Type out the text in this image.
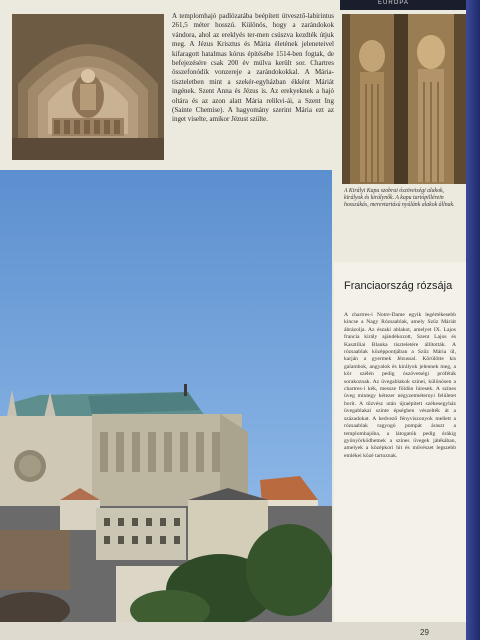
EURÓPA

A templomhajó padlózatába beépített útvesztő-labirintus 261,5 méter hosszú. Különös, hogy a zarándokok vándora, ahol az ereklyés ter-men csúszva kezdték útjuk meg. A Jézus Krisztus és Mária életének jeleneteivel kifaragott hatalmas kórus építésébe 1514-ben fogtak, de befejezésére csak 200 év múlva került sor. Chartres összefonódik vonzereje a zarándokokkal. A Mária-tiszteletben mint a szekér-egyházban ékként Máriát ingének. Szent Anna és Jézus is. Az erekyeknek a hajó oltára és az azon alatt Mária relikvi-ái, a Szent Ing (Sainte Chemise). A hagyomány szerint Mária ezt az inget viselte, amikor Jézust szülte.

A Királyi Kapu szobrai ószövetségi alakok, királyok és királynők. A kapu tartópillérein hosszúkás, merevtartású nyúlánk alakok állnak.
Franciaország rózsája

A chartres-i Notre-Dame egyik legértékesebb kincse a Nagy Rózsaablak, amely Szűz Máriát ábrázolja. Az északi ablakot, amelyet IX. Lajos francia király ajándékozott, Szent Lajos és Kasztíliai Blanka tiszteletére állították. A rózsaablak középpontjában a Szűz Mária ül, karján a gyermek Jézussal. Körülötte kis galambok, angyalok és királyok jelennek meg, a kör szélén pedig ószövetségi próféták sorakoznak. Az üvegablakok színei, különösen a chartres-i kék, messze földön híresek. A színes üveg mintegy kétezer négyzetméternyi felületet borít. A tűzvész után újraépített székesegyház üvegablakai szinte épségben vészelték át a századokat. A kedvező fényviszonyok mellett a rózsaablak ragyogó pompát áraszt a templomhajóba, a látogatók pedig órákig gyönyörködhetnek a színes üvegek játékában, amelyek a középkori hit és művészet legszebb emlékei közé tartoznak.

29
